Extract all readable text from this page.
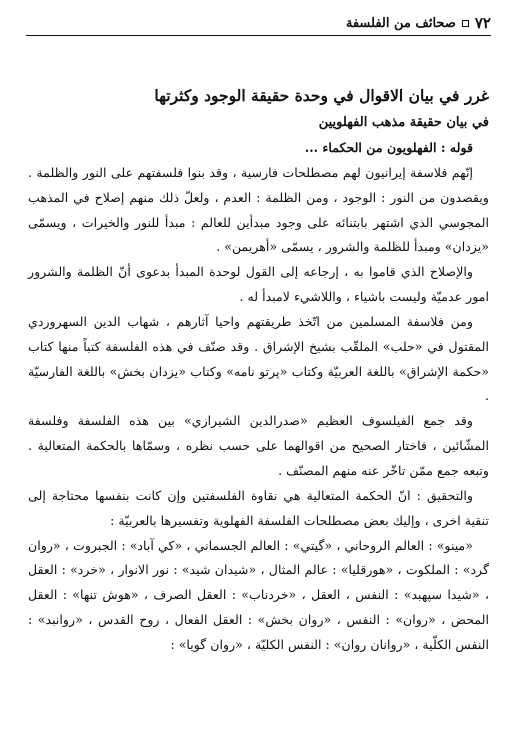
٧٢
صحائف من الفلسفة
غرر في بيان الاقوال في وحدة حقيقة الوجود وكثرتها
في بيان حقيقة مذهب الفهلويين

قوله : الفهلويون من الحكماء ...

إنّهم فلاسفة إيرانيون لهم مصطلحات فارسية ، وقد بنوا فلسفتهم على النور والظلمة . ويقصدون من النور : الوجود ، ومن الظلمة : العدم ، ولعلّ ذلك منهم إصلاح في المذهب المجوسي الذي اشتهر بابتنائه على وجود مبدأين للعالم : مبدأ للنور والخيرات ، ويسمّى «يزدان» ومبدأ للظلمة والشرور ، يسمّى «أهريمن» .

والإصلاح الذي قاموا به ، إرجاعه إلى القول لوحدة المبدأ بدعوى أنّ الظلمة والشرور امور عدميّة وليست باشياء ، واللاشيء لامبدأ له .

ومن فلاسفة المسلمين من اتّخذ طريقتهم واحيا آثارهم ، شهاب الدين السهروردي المقتول في «حلب» الملقّب بشيخ الإشراق . وقد صنّف في هذه الفلسفة كتباً منها كتاب «حكمة الإشراق» باللغة العربيّة وكتاب «پرتو نامه» وكتاب «يزدان بخش» باللغة الفارسيّة .

وقد جمع الفيلسوف العظيم «صدرالدين الشيرازي» بين هذه الفلسفة وفلسفة المشّائين ، فاختار الصحيح من اقوالهما على حسب نظره ، وسمّاها بالحكمة المتعالية . وتبعه جمع ممّن تاخّر عنه منهم المصنّف .

والتحقيق : انّ الحكمة المتعالية هي نقاوة الفلسفتين وإن كانت بنفسها محتاجة إلى تنقية اخرى ، وإليك بعض مصطلحات الفلسفة الفهلوية وتفسيرها بالعربيّة :

«مينو» : العالم الروحاني ، «گيتي» : العالم الجسماني ، «كي آباد» : الجبروت ، «روان گرد» : الملكوت ، «هورقليا» : عالم المثال ، «شيدان شيد» : نور الانوار ، «خرد» : العقل ، «شيدا سپهبد» : النفس ، العقل ، «خردناب» : العقل الصرف ، «هوش تنها» : العقل المحض ، «روان» : النفس ، «روان بخش» : العقل الفعال ، روح القدس ، «روانبد» : النفس الكلّية ، «روانان روان» : النفس الكليّة ، «روان گويا» :
